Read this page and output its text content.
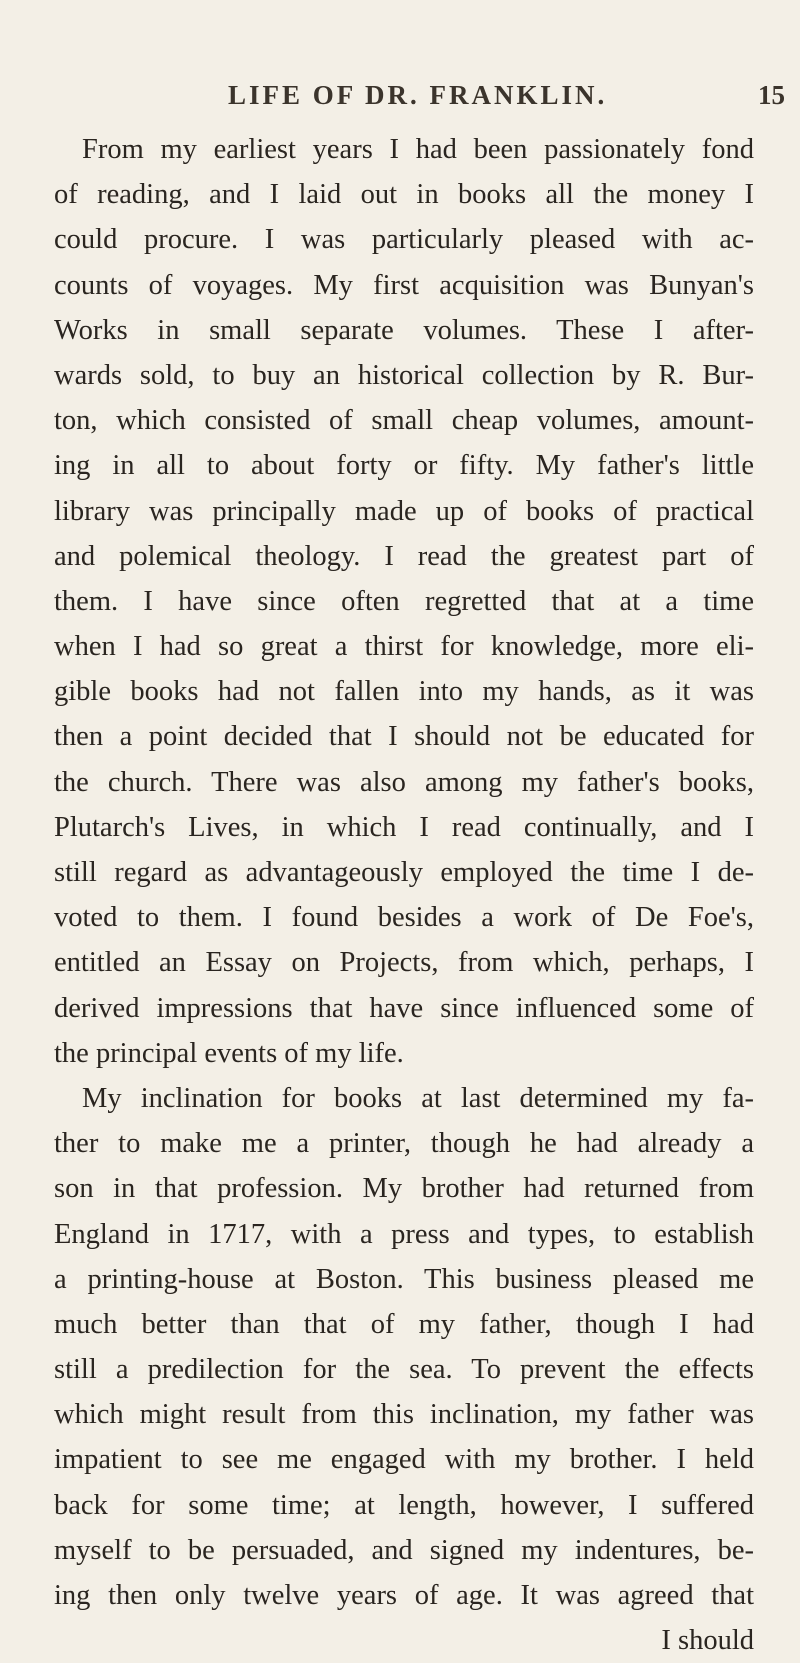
LIFE OF DR. FRANKLIN.	15
From my earliest years I had been passionately fond
of reading, and I laid out in books all the money I
could procure. I was particularly pleased with ac-
counts of voyages. My first acquisition was Bunyan's
Works in small separate volumes. These I after-
wards sold, to buy an historical collection by R. Bur-
ton, which consisted of small cheap volumes, amount-
ing in all to about forty or fifty. My father's little
library was principally made up of books of practical
and polemical theology. I read the greatest part of
them. I have since often regretted that at a time
when I had so great a thirst for knowledge, more eli-
gible books had not fallen into my hands, as it was
then a point decided that I should not be educated for
the church. There was also among my father's books,
Plutarch's Lives, in which I read continually, and I
still regard as advantageously employed the time I de-
voted to them. I found besides a work of De Foe's,
entitled an Essay on Projects, from which, perhaps, I
derived impressions that have since influenced some of
the principal events of my life.
My inclination for books at last determined my fa-
ther to make me a printer, though he had already a
son in that profession. My brother had returned from
England in 1717, with a press and types, to establish
a printing-house at Boston. This business pleased me
much better than that of my father, though I had
still a predilection for the sea. To prevent the effects
which might result from this inclination, my father was
impatient to see me engaged with my brother. I held
back for some time; at length, however, I suffered
myself to be persuaded, and signed my indentures, be-
ing then only twelve years of age. It was agreed that
I should
